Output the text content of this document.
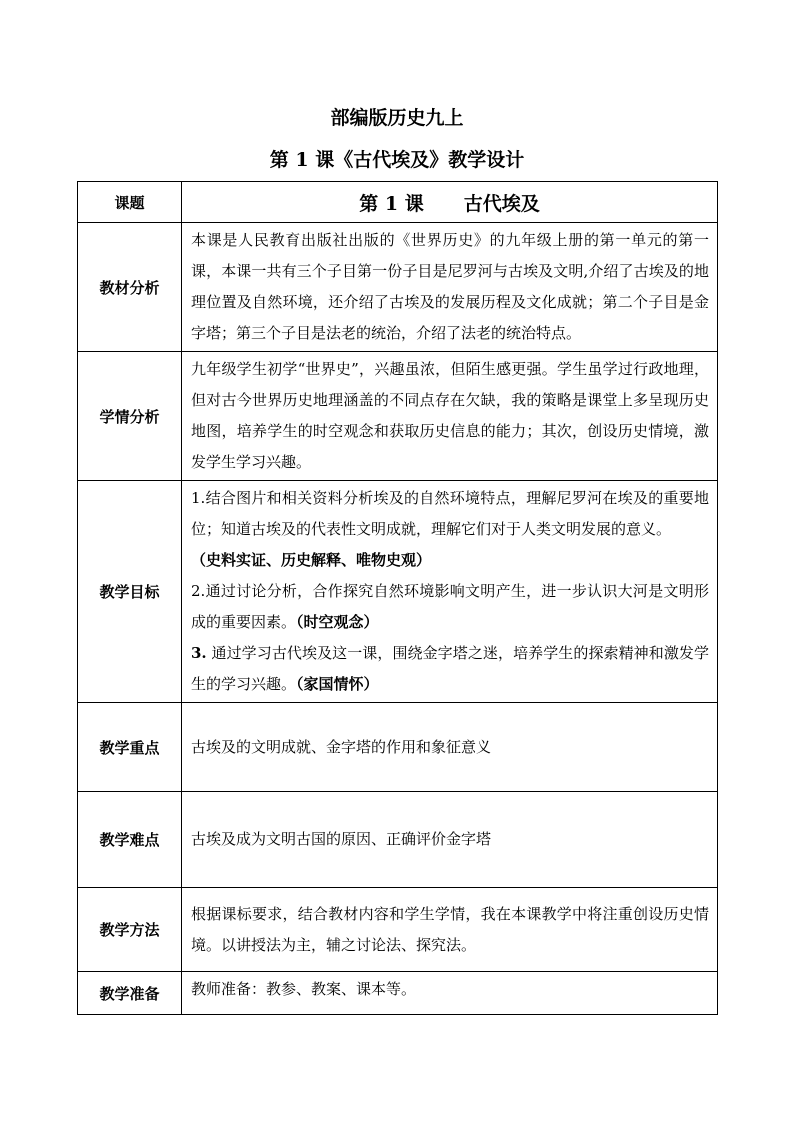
部编版历史九上
第 1 课《古代埃及》教学设计
课题	第 1 课 古代埃及
教材分析	本课是人民教育出版社出版的《世界历史》的九年级上册的第一单元的第一课，本课一共有三个子目第一份子目是尼罗河与古埃及文明,介绍了古埃及的地理位置及自然环境，还介绍了古埃及的发展历程及文化成就；第二个子目是金字塔；第三个子目是法老的统治，介绍了法老的统治特点。
学情分析	九年级学生初学“世界史”，兴趣虽浓，但陌生感更强。学生虽学过行政地理，但对古今世界历史地理涵盖的不同点存在欠缺，我的策略是课堂上多呈现历史地图，培养学生的时空观念和获取历史信息的能力；其次，创设历史情境，激发学生学习兴趣。
教学目标	1.结合图片和相关资料分析埃及的自然环境特点，理解尼罗河在埃及的重要地位；知道古埃及的代表性文明成就，理解它们对于人类文明发展的意义。
（史料实证、历史解释、唯物史观）
2.通过讨论分析，合作探究自然环境影响文明产生，进一步认识大河是文明形成的重要因素。（时空观念）
3. 通过学习古代埃及这一课，围绕金字塔之迷，培养学生的探索精神和激发学生的学习兴趣。（家国情怀）

教学重点	古埃及的文明成就、金字塔的作用和象征意义
教学难点	古埃及成为文明古国的原因、正确评价金字塔
教学方法	根据课标要求，结合教材内容和学生学情，我在本课教学中将注重创设历史情境。以讲授法为主，辅之讨论法、探究法。
教学准备	教师准备：教参、教案、课本等。
